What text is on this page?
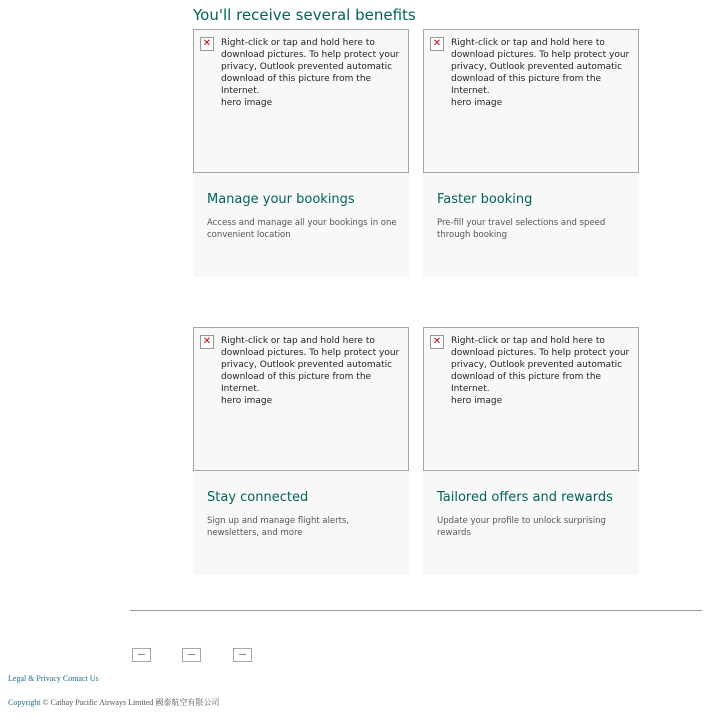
You'll receive several benefits
✕	Right-click or tap and hold here to download pictures. To help protect your privacy, Outlook prevented automatic download of this picture from the Internet.
hero image
Manage your bookings

Access and manage all your bookings in one convenient location

✕	Right-click or tap and hold here to download pictures. To help protect your privacy, Outlook prevented automatic download of this picture from the Internet.
hero image
Faster booking

Pre-fill your travel selections and speed through booking

✕	Right-click or tap and hold here to download pictures. To help protect your privacy, Outlook prevented automatic download of this picture from the Internet.
hero image
Stay connected

Sign up and manage flight alerts, newsletters, and more

✕	Right-click or tap and hold here to download pictures. To help protect your privacy, Outlook prevented automatic download of this picture from the Internet.
hero image
Tailored offers and rewards

Update your profile to unlock surprising rewards

Legal & Privacy Contact Us
Copyright © Cathay Pacific Airways Limited 國泰航空有限公司
